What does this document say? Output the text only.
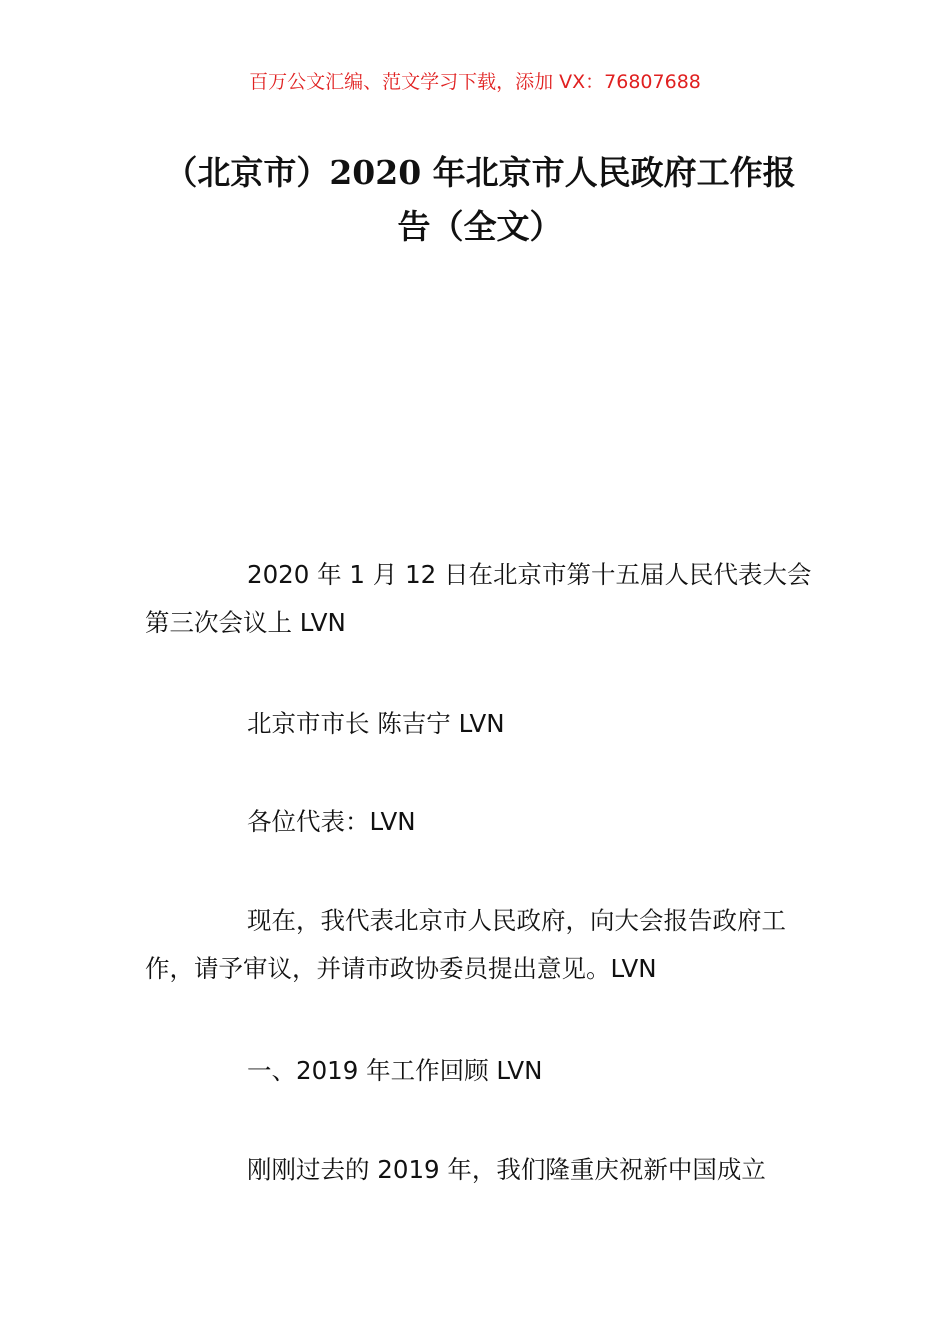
百万公文汇编、范文学习下载，添加 VX：76807688
（北京市）2020 年北京市人民政府工作报告（全文）

2020 年 1 月 12 日在北京市第十五届人民代表大会第三次会议上 LVN

北京市市长 陈吉宁 LVN

各位代表：LVN

现在，我代表北京市人民政府，向大会报告政府工作，请予审议，并请市政协委员提出意见。LVN

一、2019 年工作回顾 LVN

刚刚过去的 2019 年，我们隆重庆祝新中国成立
